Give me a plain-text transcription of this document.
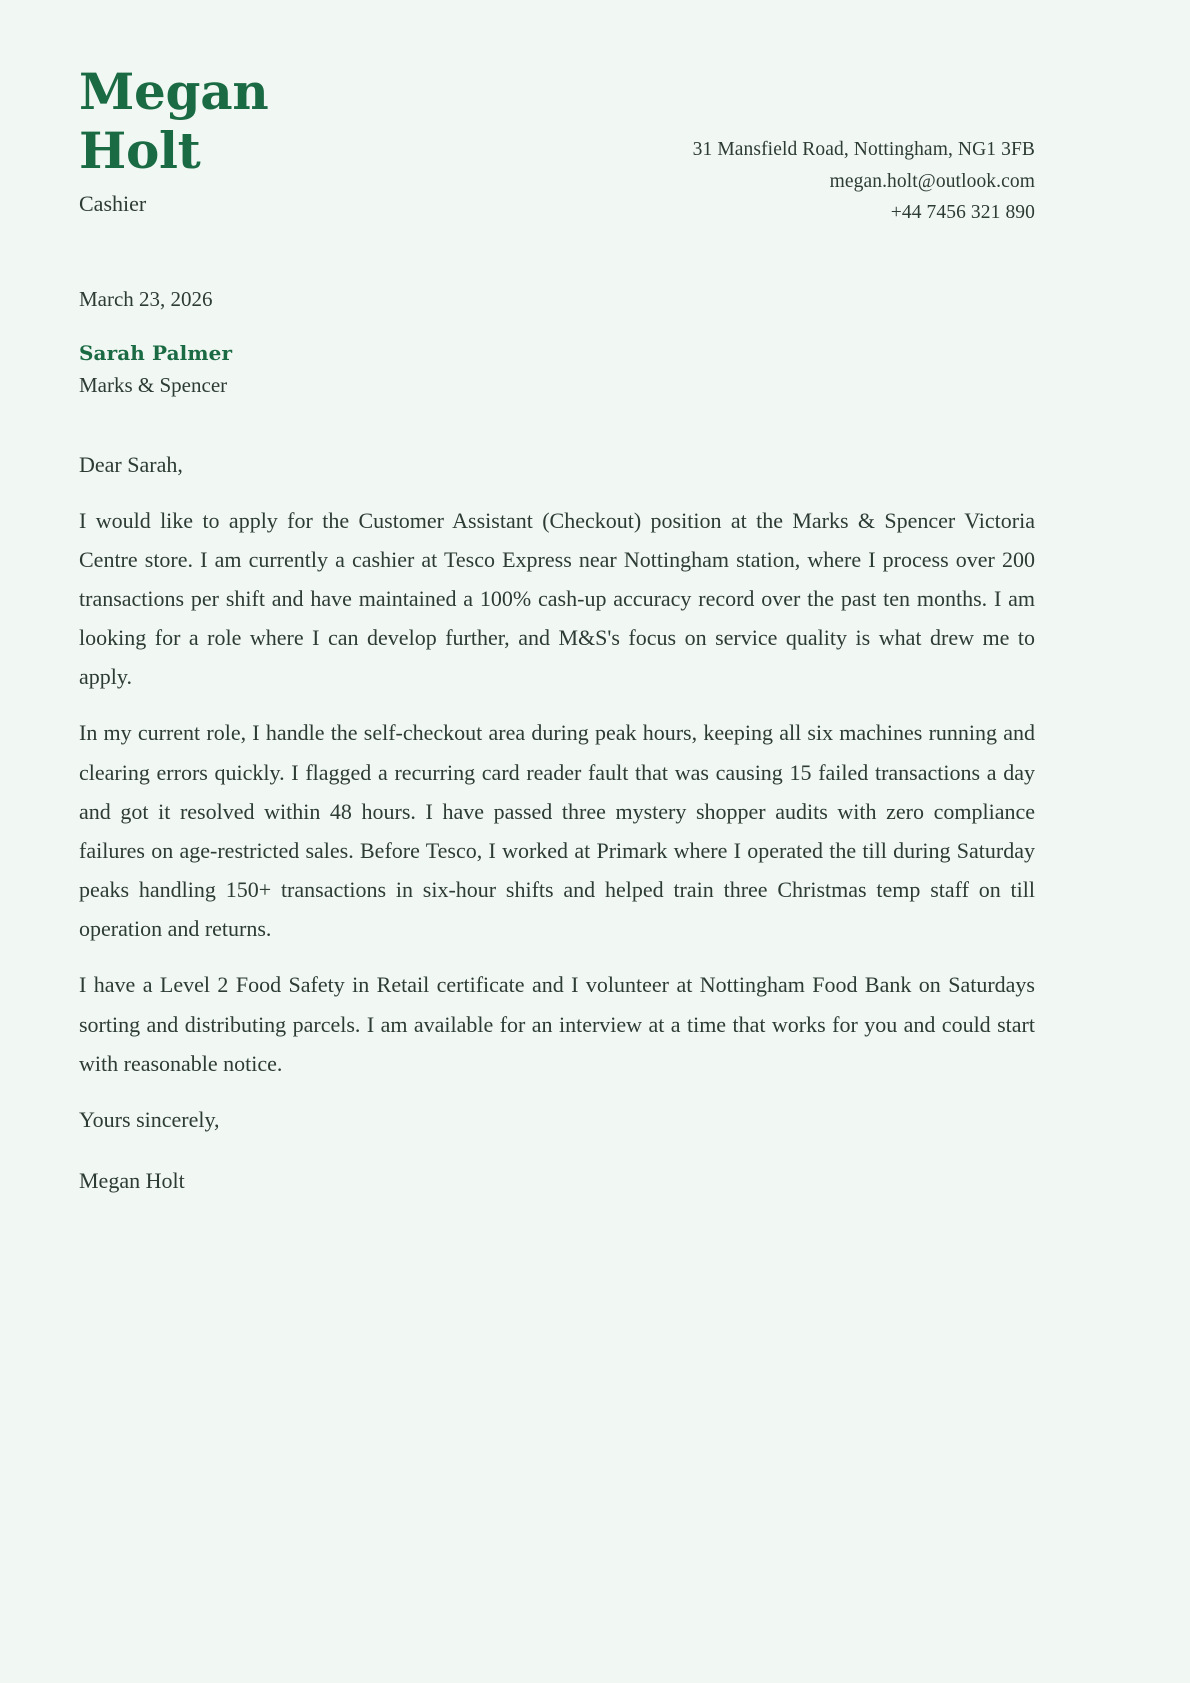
Megan Holt
Cashier
31 Mansfield Road, Nottingham, NG1 3FB
megan.holt@outlook.com
+44 7456 321 890
March 23, 2026
Sarah Palmer
Marks & Spencer

Dear Sarah,

I would like to apply for the Customer Assistant (Checkout) position at the Marks & Spencer Victoria Centre store. I am currently a cashier at Tesco Express near Nottingham station, where I process over 200 transactions per shift and have maintained a 100% cash-up accuracy record over the past ten months. I am looking for a role where I can develop further, and M&S's focus on service quality is what drew me to apply.

In my current role, I handle the self-checkout area during peak hours, keeping all six machines running and clearing errors quickly. I flagged a recurring card reader fault that was causing 15 failed transactions a day and got it resolved within 48 hours. I have passed three mystery shopper audits with zero compliance failures on age-restricted sales. Before Tesco, I worked at Primark where I operated the till during Saturday peaks handling 150+ transactions in six-hour shifts and helped train three Christmas temp staff on till operation and returns.

I have a Level 2 Food Safety in Retail certificate and I volunteer at Nottingham Food Bank on Saturdays sorting and distributing parcels. I am available for an interview at a time that works for you and could start with reasonable notice.

Yours sincerely,

Megan Holt
